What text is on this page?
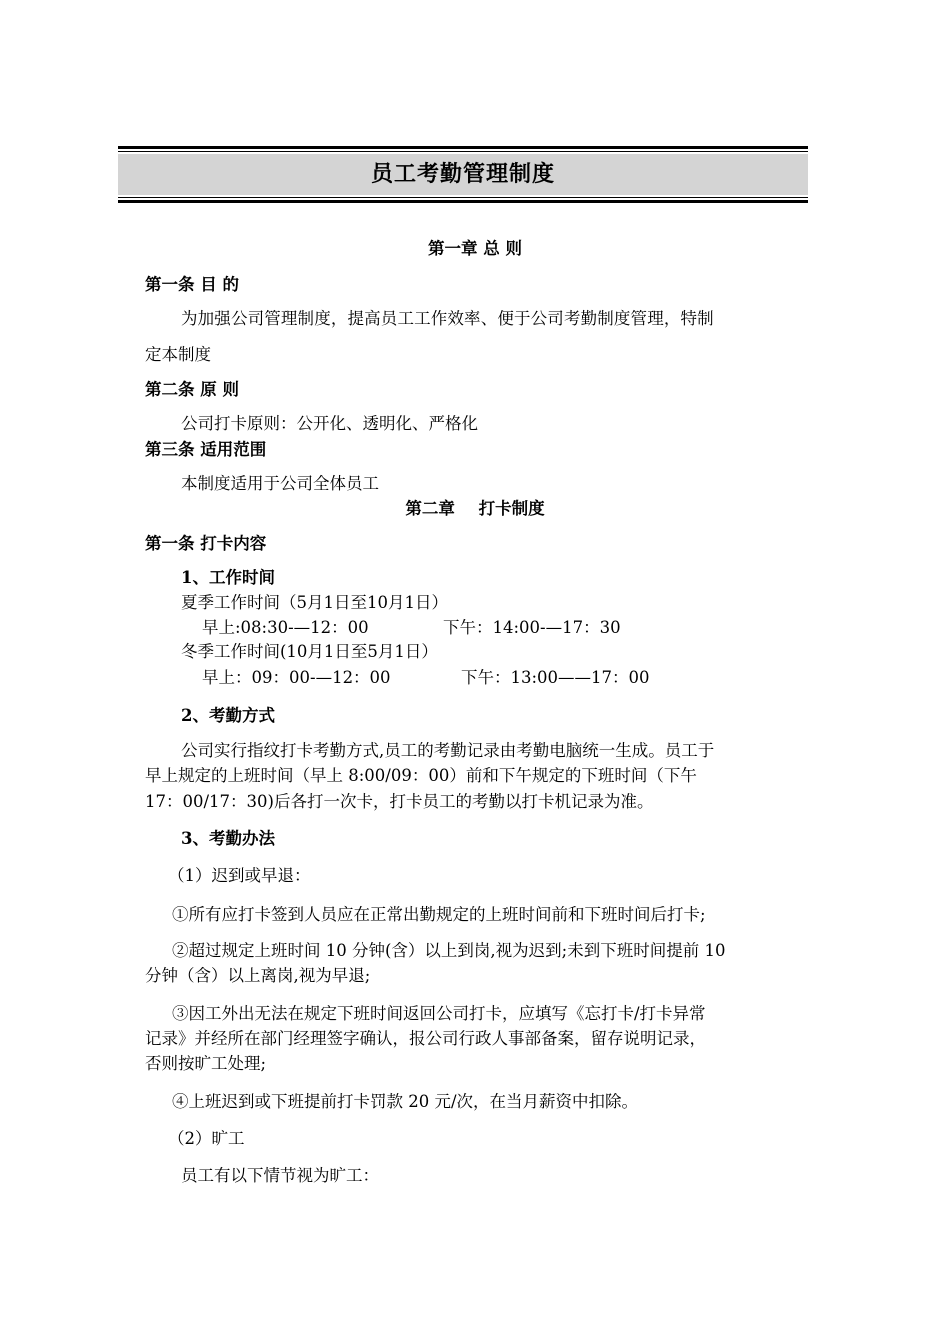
员工考勤管理制度
第一章 总 则
第一条 目 的
为加强公司管理制度，提高员工工作效率、便于公司考勤制度管理，特制
定本制度
第二条 原 则
公司打卡原则：公开化、透明化、严格化
第三条 适用范围
本制度适用于公司全体员工
第二章 打卡制度
第一条 打卡内容
1、工作时间
夏季工作时间（5月1日至10月1日）
早上:08:30-—12：00	下午：14:00-—17：30
冬季工作时间(10月1日至5月1日）
早上：09：00-—12：00	下午：13:00——17：00
2、考勤方式
公司实行指纹打卡考勤方式,员工的考勤记录由考勤电脑统一生成。员工于
早上规定的上班时间（早上 8:00/09：00）前和下午规定的下班时间（下午
17：00/17：30)后各打一次卡，打卡员工的考勤以打卡机记录为准。
3、考勤办法
（1）迟到或早退：
①所有应打卡签到人员应在正常出勤规定的上班时间前和下班时间后打卡;
②超过规定上班时间 10 分钟(含）以上到岗,视为迟到;未到下班时间提前 10
分钟（含）以上离岗,视为早退;
③因工外出无法在规定下班时间返回公司打卡，应填写《忘打卡/打卡异常
记录》并经所在部门经理签字确认，报公司行政人事部备案，留存说明记录，
否则按旷工处理;
④上班迟到或下班提前打卡罚款 20 元/次，在当月薪资中扣除。
（2）旷工
员工有以下情节视为旷工：
